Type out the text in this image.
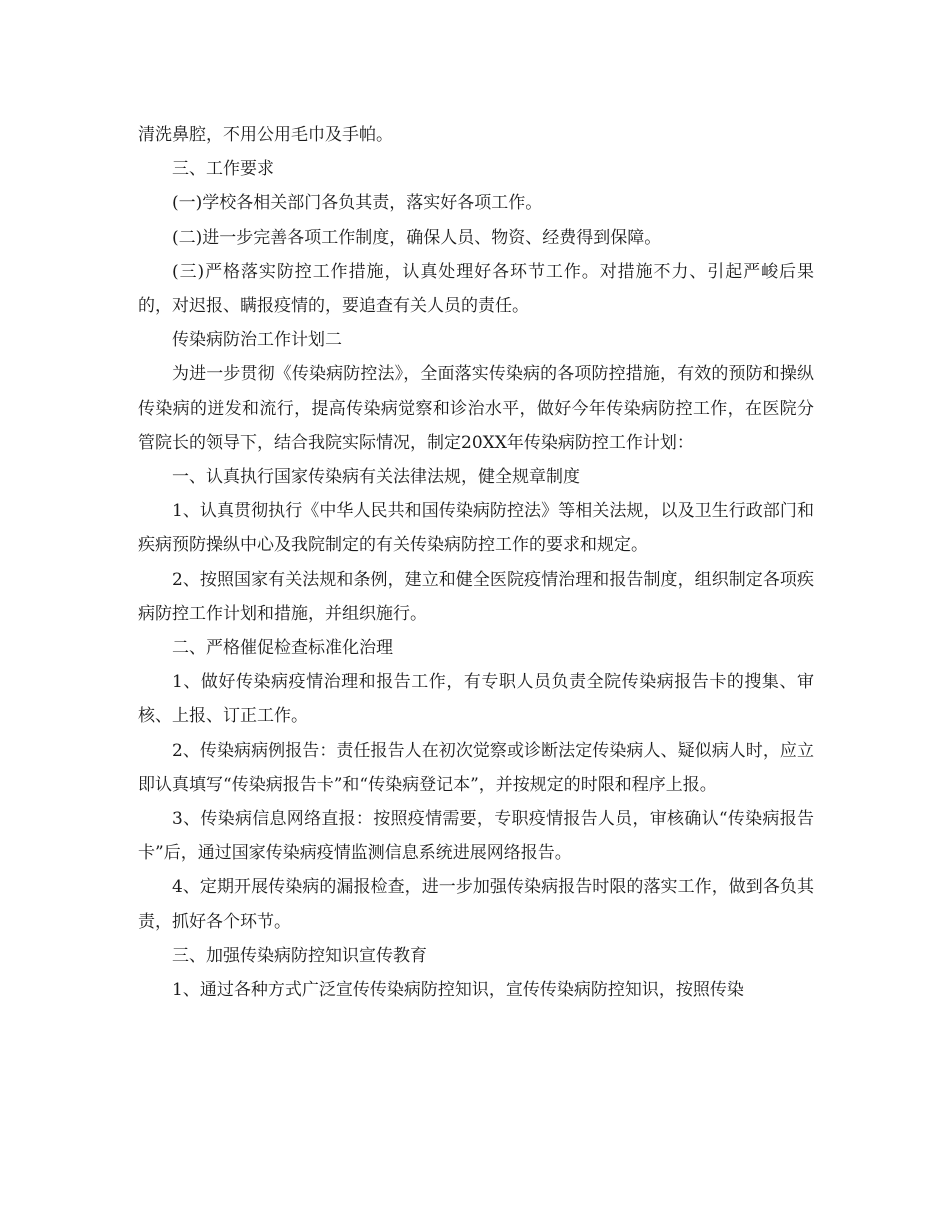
清洗鼻腔，不用公用毛巾及手帕。

三、工作要求

(一)学校各相关部门各负其责，落实好各项工作。

(二)进一步完善各项工作制度，确保人员、物资、经费得到保障。

(三)严格落实防控工作措施，认真处理好各环节工作。对措施不力、引起严峻后果的，对迟报、瞒报疫情的，要追查有关人员的责任。

传染病防治工作计划二

为进一步贯彻《传染病防控法》，全面落实传染病的各项防控措施，有效的预防和操纵传染病的迸发和流行，提高传染病觉察和诊治水平，做好今年传染病防控工作，在医院分管院长的领导下，结合我院实际情况，制定20XX年传染病防控工作计划：

一、认真执行国家传染病有关法律法规，健全规章制度

1、认真贯彻执行《中华人民共和国传染病防控法》等相关法规，以及卫生行政部门和疾病预防操纵中心及我院制定的有关传染病防控工作的要求和规定。

2、按照国家有关法规和条例，建立和健全医院疫情治理和报告制度，组织制定各项疾病防控工作计划和措施，并组织施行。

二、严格催促检查标准化治理

1、做好传染病疫情治理和报告工作，有专职人员负责全院传染病报告卡的搜集、审核、上报、订正工作。

2、传染病病例报告：责任报告人在初次觉察或诊断法定传染病人、疑似病人时，应立即认真填写“传染病报告卡”和“传染病登记本”，并按规定的时限和程序上报。

3、传染病信息网络直报：按照疫情需要，专职疫情报告人员，审核确认“传染病报告卡”后，通过国家传染病疫情监测信息系统进展网络报告。

4、定期开展传染病的漏报检查，进一步加强传染病报告时限的落实工作，做到各负其责，抓好各个环节。

三、加强传染病防控知识宣传教育

1、通过各种方式广泛宣传传染病防控知识，宣传传染病防控知识，按照传染
